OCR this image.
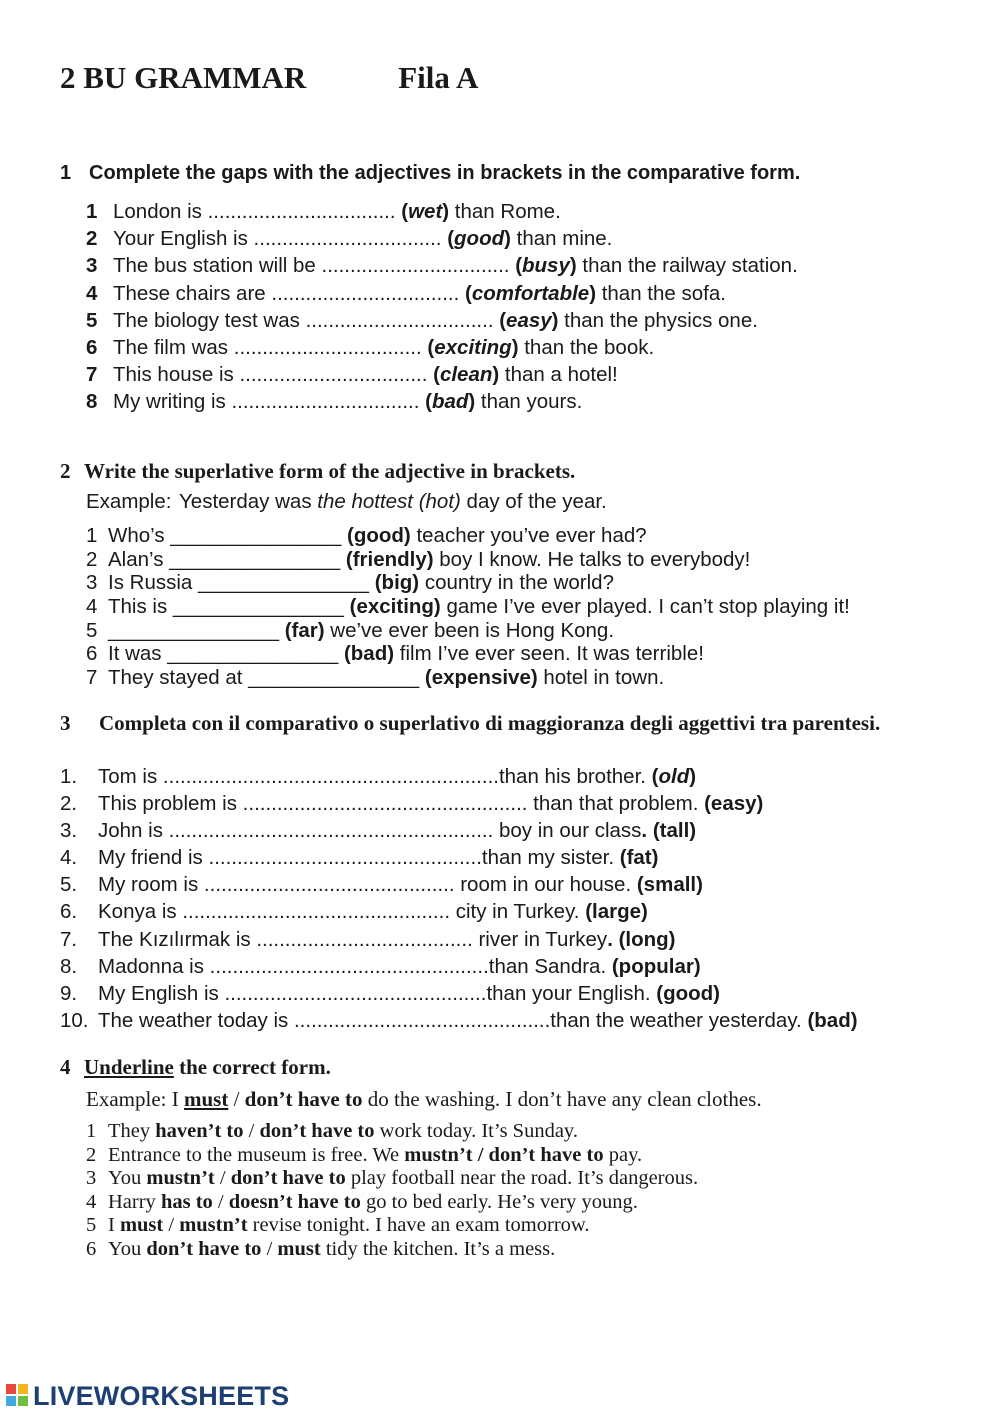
2 BU GRAMMAR	Fila A
1 Complete the gaps with the adjectives in brackets in the comparative form.
1 London is ................................. (wet) than Rome.
2 Your English is ................................. (good) than mine.
3 The bus station will be ................................. (busy) than the railway station.
4 These chairs are ................................. (comfortable) than the sofa.
5 The biology test was ................................. (easy) than the physics one.
6 The film was ................................. (exciting) than the book.
7 This house is ................................. (clean) than a hotel!
8 My writing is ................................. (bad) than yours.
2 Write the superlative form of the adjective in brackets.
Example: Yesterday was the hottest (hot) day of the year.
1 Who’s _______________ (good) teacher you’ve ever had?
2 Alan’s _______________ (friendly) boy I know. He talks to everybody!
3 Is Russia _______________ (big) country in the world?
4 This is _______________ (exciting) game I’ve ever played. I can’t stop playing it!
5 _______________ (far) we’ve ever been is Hong Kong.
6 It was _______________ (bad) film I’ve ever seen. It was terrible!
7 They stayed at _______________ (expensive) hotel in town.
3 Completa con il comparativo o superlativo di maggioranza degli aggettivi tra parentesi.
1. Tom is ...........................................................than his brother. (old)
2. This problem is .................................................. than that problem. (easy)
3. John is ......................................................... boy in our class. (tall)
4. My friend is ................................................than my sister. (fat)
5. My room is ............................................ room in our house. (small)
6. Konya is ............................................... city in Turkey. (large)
7. The Kızılırmak is ...................................... river in Turkey. (long)
8. Madonna is .................................................than Sandra. (popular)
9. My English is ..............................................than your English. (good)
10. The weather today is .............................................than the weather yesterday. (bad)
4 Underline the correct form.
Example: I must / don’t have to do the washing. I don’t have any clean clothes.
1 They haven’t to / don’t have to work today. It’s Sunday.
2 Entrance to the museum is free. We mustn’t / don’t have to pay.
3 You mustn’t / don’t have to play football near the road. It’s dangerous.
4 Harry has to / doesn’t have to go to bed early. He’s very young.
5 I must / mustn’t revise tonight. I have an exam tomorrow.
6 You don’t have to / must tidy the kitchen. It’s a mess.
LIVEWORKSHEETS
